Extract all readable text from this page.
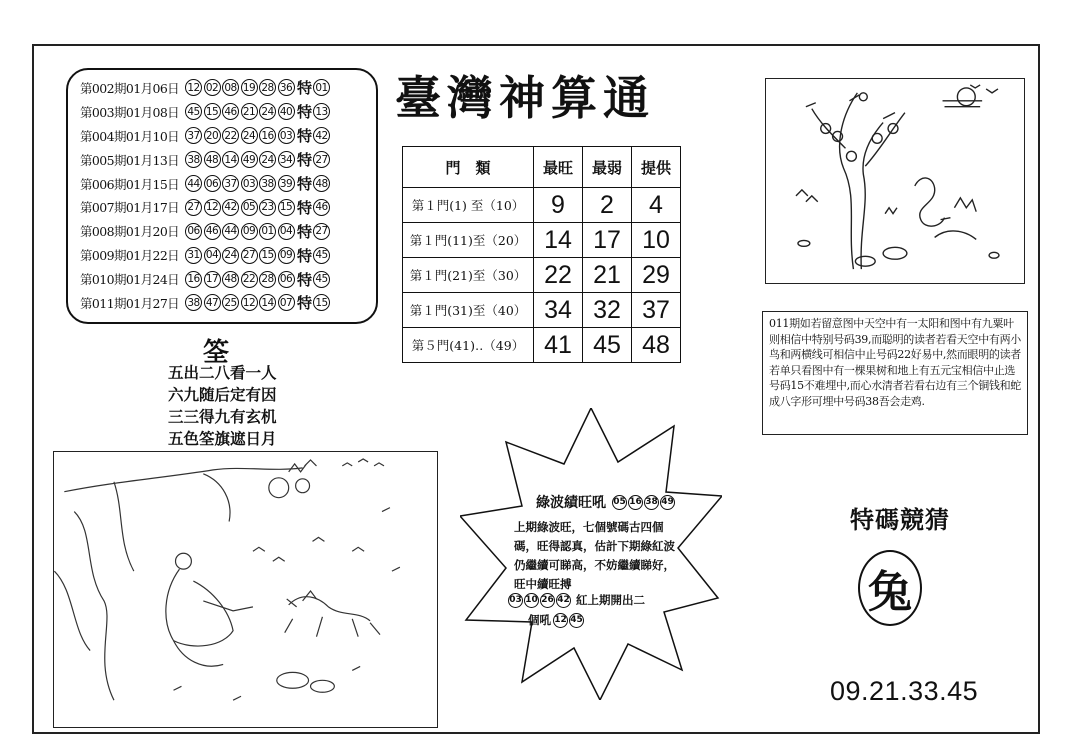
第002期01月06日 12 02 08 19 28 36 特 01
第003期01月08日 45 15 46 21 24 40 特 13
第004期01月10日 37 20 22 24 16 03 特 42
第005期01月13日 38 48 14 49 24 34 特 27
第006期01月15日 44 06 37 03 38 39 特 48
第007期01月17日 27 12 42 05 23 15 特 46
第008期01月20日 06 46 44 09 01 04 特 27
第009期01月22日 31 04 24 27 15 09 特 45
第010期01月24日 16 17 48 22 28 06 特 45
第011期01月27日 38 47 25 12 14 07 特 15
臺灣神算通
門　類	最旺	最弱	提供
第１門(1) 至（10）	9	2	4
第１門(11)至（20）	14	17	10
第１門(21)至（30）	22	21	29
第１門(31)至（40）	34	32	37
第５門(41)‥（49）	41	45	48
筌
五出二八看一人
六九随后定有因
三三得九有玄机
五色筌旗遮日月
011期如若留意图中天空中有一太阳和图中有九粟叶则相信中特别号码39,而聪明的读者若看天空中有两小鸟和两横线可相信中止号码22好易中,然而眼明的读者若单只看图中有一棵果树和地上有五元宝相信中止选号码15不难埋中,而心水清者若看右边有三个铜钱和蛇成八字形可埋中号码38吾会走鸡.
綠波績旺吼 05 16 38 49
上期綠波旺，七個號碼古四個碼，旺得認真，估計下期綠紅波仍繼續可睇高，不妨繼續睇好，旺中續旺搏
03 10 26 42 紅上期開出二
個吼 12 45
特碼競猜
兔
09.21.33.45
